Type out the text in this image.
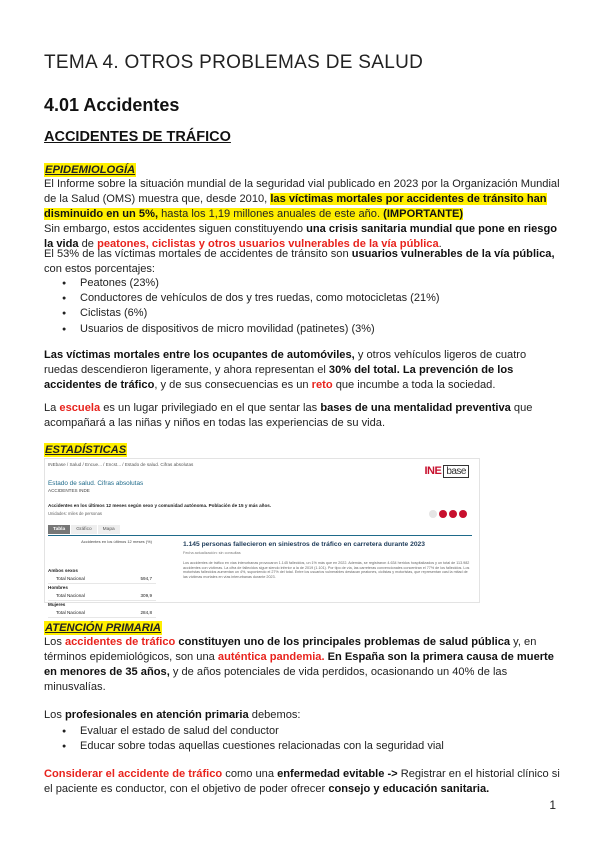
TEMA 4. OTROS PROBLEMAS DE SALUD
4.01 Accidentes
ACCIDENTES DE TRÁFICO
EPIDEMIOLOGÍA
El Informe sobre la situación mundial de la seguridad vial publicado en 2023 por la Organización Mundial de la Salud (OMS) muestra que, desde 2010, las víctimas mortales por accidentes de tránsito han disminuido en un 5%, hasta los 1,19 millones anuales de este año. (IMPORTANTE)
Sin embargo, estos accidentes siguen constituyendo una crisis sanitaria mundial que pone en riesgo la vida de peatones, ciclistas y otros usuarios vulnerables de la vía pública.
El 53% de las víctimas mortales de accidentes de tránsito son usuarios vulnerables de la vía pública, con estos porcentajes:
● Peatones (23%)
● Conductores de vehículos de dos y tres ruedas, como motocicletas (21%)
● Ciclistas (6%)
● Usuarios de dispositivos de micro movilidad (patinetes) (3%)
Las víctimas mortales entre los ocupantes de automóviles, y otros vehículos ligeros de cuatro ruedas descendieron ligeramente, y ahora representan el 30% del total. La prevención de los accidentes de tráfico, y de sus consecuencias es un reto que incumbe a toda la sociedad.
La escuela es un lugar privilegiado en el que sentar las bases de una mentalidad preventiva que acompañará a las niñas y niños en todas las experiencias de su vida.
ESTADÍSTICAS
INEbase / Salud / Encue... / Encst... / Estado de salud. Cifras absolutas
INE base
Estado de salud. Cifras absolutas
ACCIDENTES INDE
Accidentes en los últimos 12 meses según sexo y comunidad autónoma. Población de 15 y más años.
Unidades: miles de personas
Tabla Gráfico Mapa
Accidentes en los últimos 12 meses (%)
Ambos sexos
Total Nacional	594,7
Hombres
Total Nacional	309,9
Mujeres
Total Nacional	284,8
1.145 personas fallecieron en siniestros de tráfico en carretera durante 2023
Fecha actualización: sin consultas
Los accidentes de tráfico en vías interurbanas provocaron 1.145 fallecidos, un 1% más que en 2022. Además, se registraron 4.634 heridos hospitalizados y un total de 113.982 accidentes con víctimas. La cifra de fallecidos sigue siendo inferior a la de 2019 (1.101). Por tipo de vía, las carreteras convencionales concentran el 77% de los fallecidos. Los motoristas fallecidos aumentan un 4%, suponiendo el 27% del total. Entre los usuarios vulnerables destacan peatones, ciclistas y motoristas, que representan casi la mitad de las víctimas mortales en vías interurbanas durante 2023.
ATENCIÓN PRIMARIA
Los accidentes de tráfico constituyen uno de los principales problemas de salud pública y, en términos epidemiológicos, son una auténtica pandemia. En España son la primera causa de muerte en menores de 35 años, y de años potenciales de vida perdidos, ocasionando un 40% de las minusvalías.
Los profesionales en atención primaria debemos:
● Evaluar el estado de salud del conductor
● Educar sobre todas aquellas cuestiones relacionadas con la seguridad vial
Considerar el accidente de tráfico como una enfermedad evitable -> Registrar en el historial clínico si el paciente es conductor, con el objetivo de poder ofrecer consejo y educación sanitaria.
1
